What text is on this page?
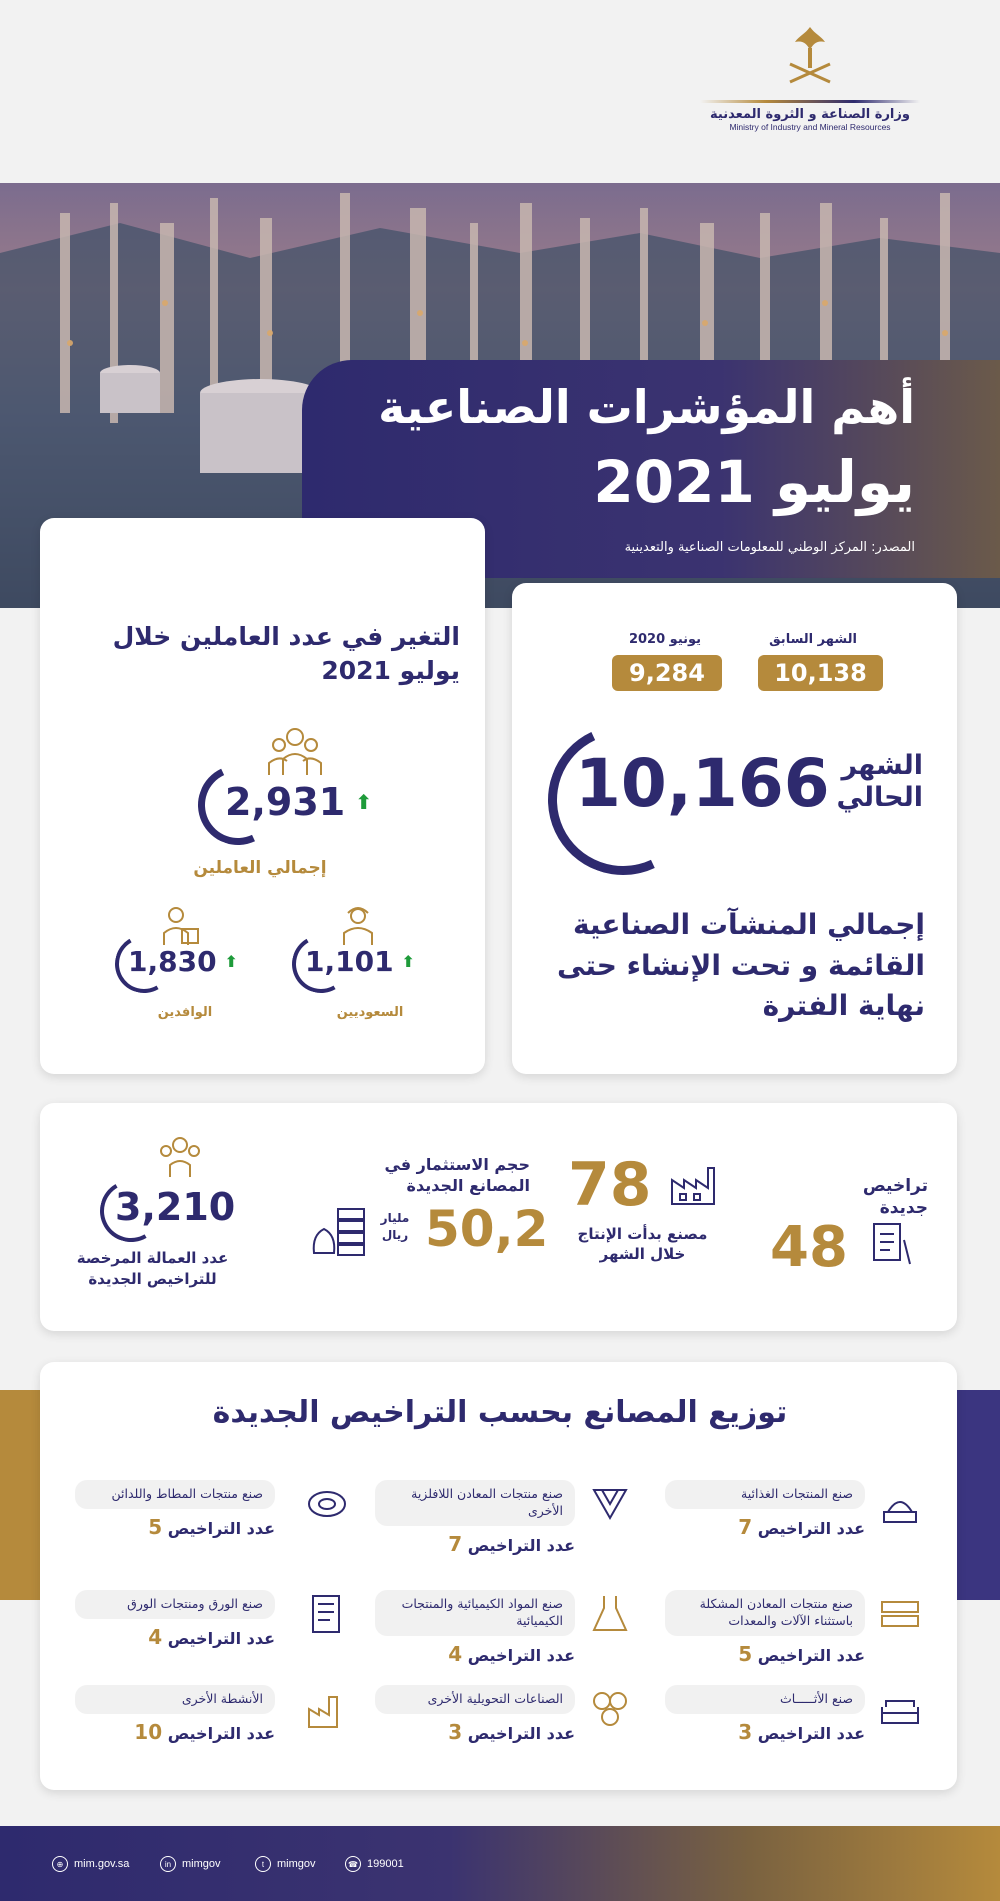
وزارة الصناعة و الثروة المعدنية
Ministry of Industry and Mineral Resources
أهم المؤشرات الصناعية
يوليو 2021
المصدر: المركز الوطني للمعلومات الصناعية والتعدينية
التغير في عدد العاملين خلال يوليو 2021
2,931 ⬆
إجمالي العاملين
1,830 ⬆
الوافدين
1,101 ⬆
السعوديين
الشهر السابق
10,138
يونيو 2020
9,284
10,166 الشهر الحالي
إجمالي المنشآت الصناعية القائمة و تحت الإنشاء حتى نهاية الفترة
تراخيص جديدة
48
78
مصنع بدأت الإنتاج خلال الشهر
حجم الاستثمار في المصانع الجديدة
50,2
مليار ريال
3,210
عدد العمالة المرخصة للتراخيص الجديدة
توزيع المصانع بحسب التراخيص الجديدة
صنع المنتجات الغذائية
عدد التراخيص 7
صنع منتجات المعادن اللافلزية الأخرى
عدد التراخيص 7
صنع منتجات المطاط واللدائن
عدد التراخيص 5
صنع منتجات المعادن المشكلة باستثناء الآلات والمعدات
عدد التراخيص 5
صنع المواد الكيميائية والمنتجات الكيميائية
عدد التراخيص 4
صنع الورق ومنتجات الورق
عدد التراخيص 4
صنع الأثـــــاث
عدد التراخيص 3
الصناعات التحويلية الأخرى
عدد التراخيص 3
الأنشطة الأخرى
عدد التراخيص 10
⊕ mim.gov.sa	in mimgov	t	mimgov	☎ 199001
